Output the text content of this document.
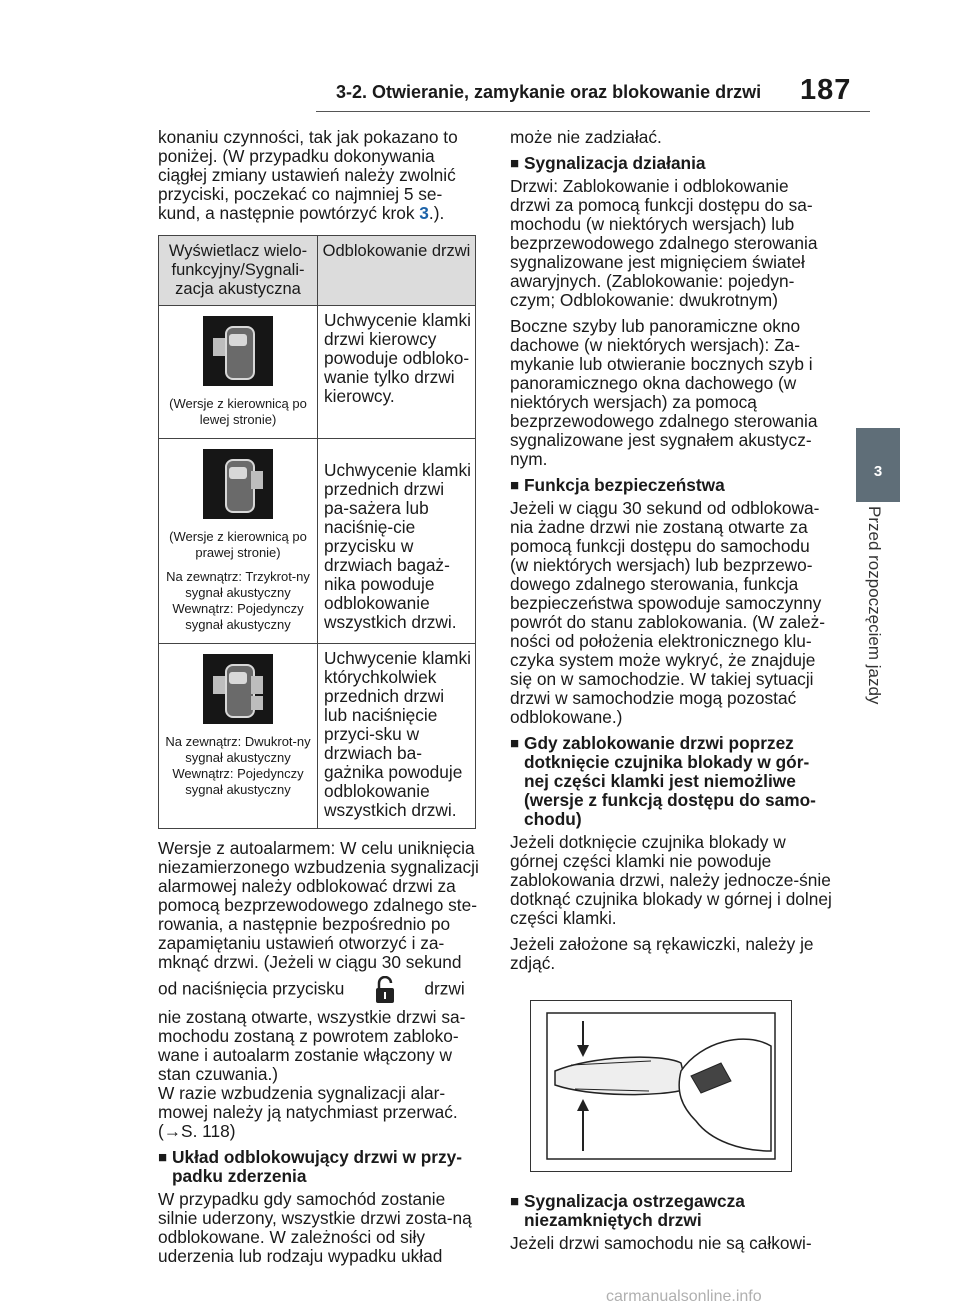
3-2. Otwieranie, zamykanie oraz blokowanie drzwi 187
3
Przed rozpoczęciem jazdy

konaniu czynności, tak jak pokazano to poniżej. (W przypadku dokonywania ciągłej zmiany ustawień należy zwolnić przyciski, poczekać co najmniej 5 se-kund, a następnie powtórzyć krok 3.).

Wyświetlacz wielo-funkcyjny/Sygnali-zacja akustyczna	Odblokowanie drzwi

(Wersje z kierownicą po lewej stronie)	Uchwycenie klamki drzwi kierowcy powoduje odbloko-wanie tylko drzwi kierowcy.

(Wersje z kierownicą po prawej stronie)
Na zewnątrz: Trzykrot-ny sygnał akustyczny Wewnątrz: Pojedynczy sygnał akustyczny	Uchwycenie klamki przednich drzwi pa-sażera lub naciśnię-cie przycisku w drzwiach bagaż-nika powoduje odblokowanie wszystkich drzwi.

Na zewnątrz: Dwukrot-ny sygnał akustyczny Wewnątrz: Pojedynczy sygnał akustyczny	Uchwycenie klamki którychkolwiek przednich drzwi lub naciśnięcie przyci-sku w drzwiach ba-gażnika powoduje odblokowanie wszystkich drzwi.

Wersje z autoalarmem: W celu uniknięcia niezamierzonego wzbudzenia sygnalizacji alarmowej należy odblokować drzwi za pomocą bezprzewodowego zdalnego ste-rowania, a następnie bezpośrednio po zapamiętaniu ustawień otworzyć i za-mknąć drzwi. (Jeżeli w ciągu 30 sekund

od naciśnięcia przycisku	drzwi

nie zostaną otwarte, wszystkie drzwi sa-mochodu zostaną z powrotem zabloko-wane i autoalarm zostanie włączony w stan czuwania.)

W razie wzbudzenia sygnalizacji alar-mowej należy ją natychmiast przerwać. (→S. 118)

■ Układ odblokowujący drzwi w przy-padku zderzenia

W przypadku gdy samochód zostanie silnie uderzony, wszystkie drzwi zosta-ną odblokowane. W zależności od siły uderzenia lub rodzaju wypadku układ

może nie zadziałać.

■ Sygnalizacja działania

Drzwi: Zablokowanie i odblokowanie drzwi za pomocą funkcji dostępu do sa-mochodu (w niektórych wersjach) lub bezprzewodowego zdalnego sterowania sygnalizowane jest mignięciem świateł awaryjnych. (Zablokowanie: pojedyn-czym; Odblokowanie: dwukrotnym)

Boczne szyby lub panoramiczne okno dachowe (w niektórych wersjach): Za-mykanie lub otwieranie bocznych szyb i panoramicznego okna dachowego (w niektórych wersjach) za pomocą bezprzewodowego zdalnego sterowania sygnalizowane jest sygnałem akustycz-nym.

■ Funkcja bezpieczeństwa

Jeżeli w ciągu 30 sekund od odblokowa-nia żadne drzwi nie zostaną otwarte za pomocą funkcji dostępu do samochodu (w niektórych wersjach) lub bezprzewo-dowego zdalnego sterowania, funkcja bezpieczeństwa spowoduje samoczynny powrót do stanu zablokowania. (W zależ-ności od położenia elektronicznego klu-czyka system może wykryć, że znajduje się on w samochodzie. W takiej sytuacji drzwi w samochodzie mogą pozostać odblokowane.)

■ Gdy zablokowanie drzwi poprzez dotknięcie czujnika blokady w gór-nej części klamki jest niemożliwe (wersje z funkcją dostępu do samo-chodu)

Jeżeli dotknięcie czujnika blokady w górnej części klamki nie powoduje zablokowania drzwi, należy jednocze-śnie dotknąć czujnika blokady w górnej i dolnej części klamki.

Jeżeli założone są rękawiczki, należy je zdjąć.

■ Sygnalizacja ostrzegawcza niezamkniętych drzwi

Jeżeli drzwi samochodu nie są całkowi-

carmanualsonline.info
